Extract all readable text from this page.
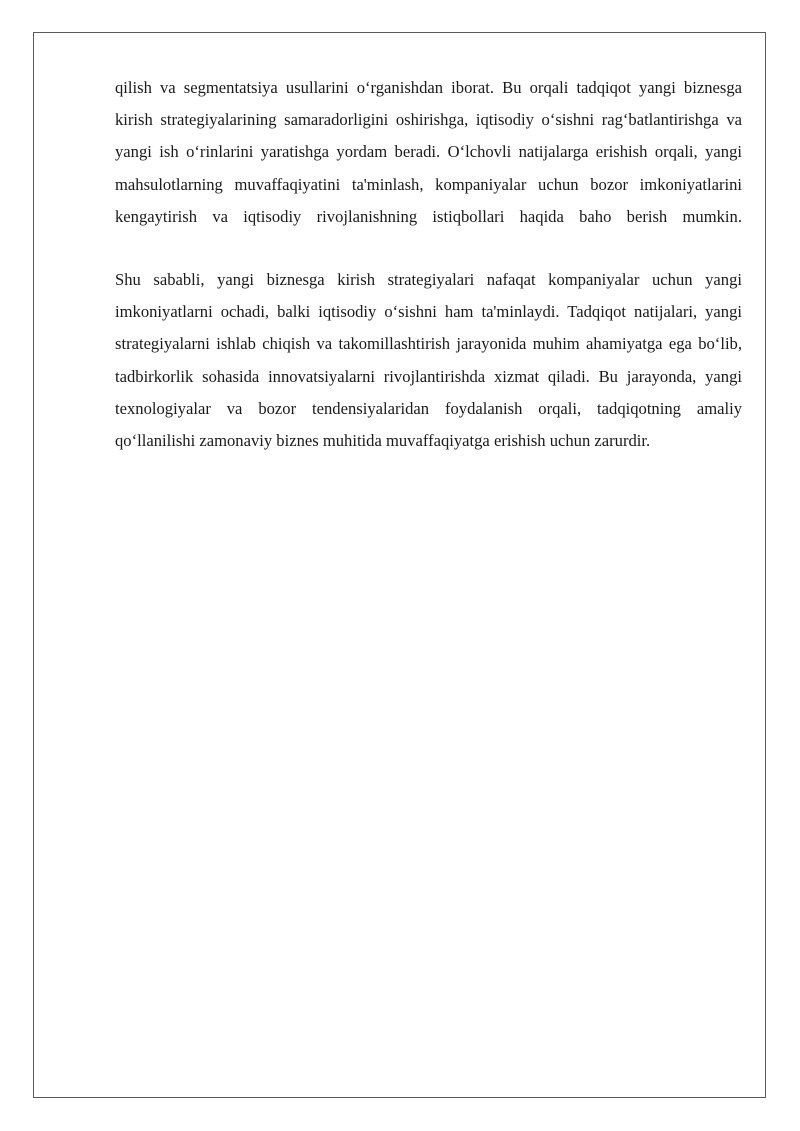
qilish va segmentatsiya usullarini o‘rganishdan iborat. Bu orqali tadqiqot yangi biznesga kirish strategiyalarining samaradorligini oshirishga, iqtisodiy o‘sishni rag‘batlantirishga va yangi ish o‘rinlarini yaratishga yordam beradi. O‘lchovli natijalarga erishish orqali, yangi mahsulotlarning muvaffaqiyatini ta'minlash, kompaniyalar uchun bozor imkoniyatlarini kengaytirish va iqtisodiy rivojlanishning istiqbollari haqida baho berish mumkin.

Shu sababli, yangi biznesga kirish strategiyalari nafaqat kompaniyalar uchun yangi imkoniyatlarni ochadi, balki iqtisodiy o‘sishni ham ta'minlaydi. Tadqiqot natijalari, yangi strategiyalarni ishlab chiqish va takomillashtirish jarayonida muhim ahamiyatga ega bo‘lib, tadbirkorlik sohasida innovatsiyalarni rivojlantirishda xizmat qiladi. Bu jarayonda, yangi texnologiyalar va bozor tendensiyalaridan foydalanish orqali, tadqiqotning amaliy qo‘llanilishi zamonaviy biznes muhitida muvaffaqiyatga erishish uchun zarurdir.
